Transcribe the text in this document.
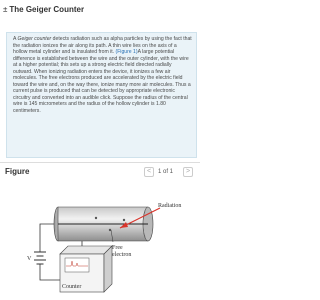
± The Geiger Counter

A Geiger counter detects radiation such as alpha particles by using the fact that the radiation ionizes the air along its path. A thin wire lies on the axis of a hollow metal cylinder and is insulated from it. (Figure 1)A large potential difference is established between the wire and the outer cylinder, with the wire at a higher potential; this sets up a strong electric field directed radially outward. When ionizing radiation enters the device, it ionizes a few air molecules. The free electrons produced are accelerated by the electric field toward the wire and, on the way there, ionize many more air molecules. Thus a current pulse is produced that can be detected by appropriate electronic circuitry and converted into an audible click. Suppose the radius of the central wire is 145 micrometers and the radius of the hollow cylinder is 1.80 centimeters.

Figure	<	1 of 1	>
V
Counter
Radiation
Free
electron
